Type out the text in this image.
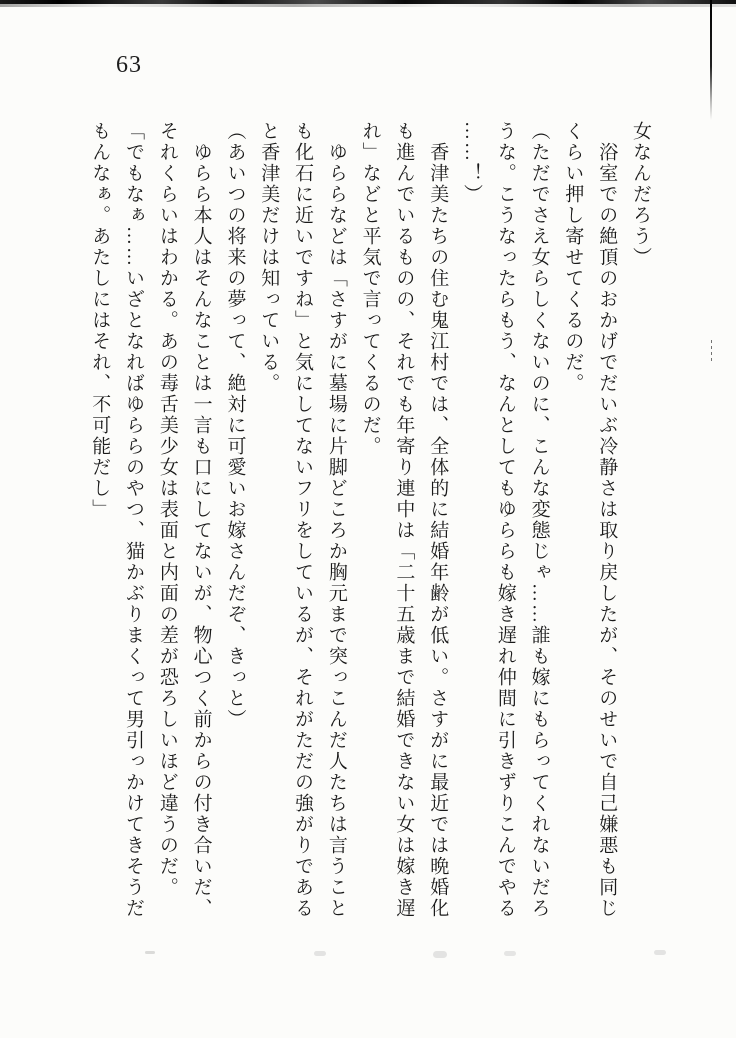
63
女なんだろう）
浴室での絶頂のおかげでだいぶ冷静さは取り戻したが、そのせいで自己嫌悪も同じ
くらい押し寄せてくるのだ。
（ただでさえ女らしくないのに、こんな変態じゃ……誰も嫁にもらってくれないだろ
うな。こうなったらもう、なんとしてもゆららも嫁き遅れ仲間に引きずりこんでやる
……！）
香津美たちの住む鬼江村では、全体的に結婚年齢が低い。さすがに最近では晩婚化
も進んでいるものの、それでも年寄り連中は「二十五歳まで結婚できない女は嫁き遅
れ」などと平気で言ってくるのだ。
ゆららなどは「さすがに墓場に片脚どころか胸元まで突っこんだ人たちは言うこと
も化石に近いですね」と気にしてないフリをしているが、それがただの強がりである
と香津美だけは知っている。
（あいつの将来の夢って、絶対に可愛いお嫁さんだぞ、きっと）
ゆらら本人はそんなことは一言も口にしてないが、物心つく前からの付き合いだ、
それくらいはわかる。あの毒舌美少女は表面と内面の差が恐ろしいほど違うのだ。
「でもなぁ……いざとなればゆららのやつ、猫かぶりまくって男引っかけてきそうだ
もんなぁ。あたしにはそれ、不可能だし」
